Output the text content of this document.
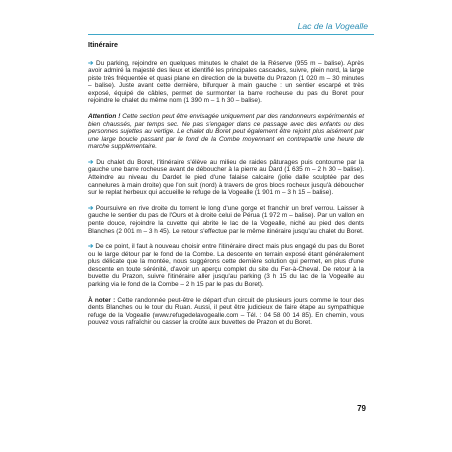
Lac de la Vogealle
Itinéraire

➔ Du parking, rejoindre en quelques minutes le chalet de la Réserve (955 m – balise). Après avoir admiré la majesté des lieux et identifié les principales cascades, suivre, plein nord, la large piste très fréquentée et quasi plane en direction de la buvette du Prazon (1 020 m – 30 minutes – balise). Juste avant cette dernière, bifurquer à main gauche : un sentier escarpé et très exposé, équipé de câbles, permet de surmonter la barre rocheuse du pas du Boret pour rejoindre le chalet du même nom (1 390 m – 1 h 30 – balise).

Attention ! Cette section peut être envisagée uniquement par des randonneurs expérimentés et bien chaussés, par temps sec. Ne pas s'engager dans ce passage avec des enfants ou des personnes sujettes au vertige. Le chalet du Boret peut également être rejoint plus aisément par une large boucle passant par le fond de la Combe moyennant en contrepartie une heure de marche supplémentaire.

➔ Du chalet du Boret, l'itinéraire s'élève au milieu de raides pâturages puis contourne par la gauche une barre rocheuse avant de déboucher à la pierre au Dard (1 635 m – 2 h 30 – balise). Atteindre au niveau du Dardet le pied d'une falaise calcaire (jolie dalle sculptée par des cannelures à main droite) que l'on suit (nord) à travers de gros blocs rocheux jusqu'à déboucher sur le replat herbeux qui accueille le refuge de la Vogealle (1 901 m – 3 h 15 – balise).

➔ Poursuivre en rive droite du torrent le long d'une gorge et franchir un bref verrou. Laisser à gauche le sentier du pas de l'Ours et à droite celui de Pérua (1 972 m – balise). Par un vallon en pente douce, rejoindre la cuvette qui abrite le lac de la Vogealle, niché au pied des dents Blanches (2 001 m – 3 h 45). Le retour s'effectue par le même itinéraire jusqu'au chalet du Boret.

➔ De ce point, il faut à nouveau choisir entre l'itinéraire direct mais plus engagé du pas du Boret ou le large détour par le fond de la Combe. La descente en terrain exposé étant généralement plus délicate que la montée, nous suggérons cette dernière solution qui permet, en plus d'une descente en toute sérénité, d'avoir un aperçu complet du site du Fer-à-Cheval. De retour à la buvette du Prazon, suivre l'itinéraire aller jusqu'au parking (3 h 15 du lac de la Vogealle au parking via le fond de la Combe – 2 h 15 par le pas du Boret).

À noter : Cette randonnée peut-être le départ d'un circuit de plusieurs jours comme le tour des dents Blanches ou le tour du Ruan. Aussi, il peut être judicieux de faire étape au sympathique refuge de la Vogealle (www.refugedelavogealle.com – Tél. : 04 58 00 14 85). En chemin, vous pouvez vous rafraîchir ou casser la croûte aux buvettes de Prazon et du Boret.

79
